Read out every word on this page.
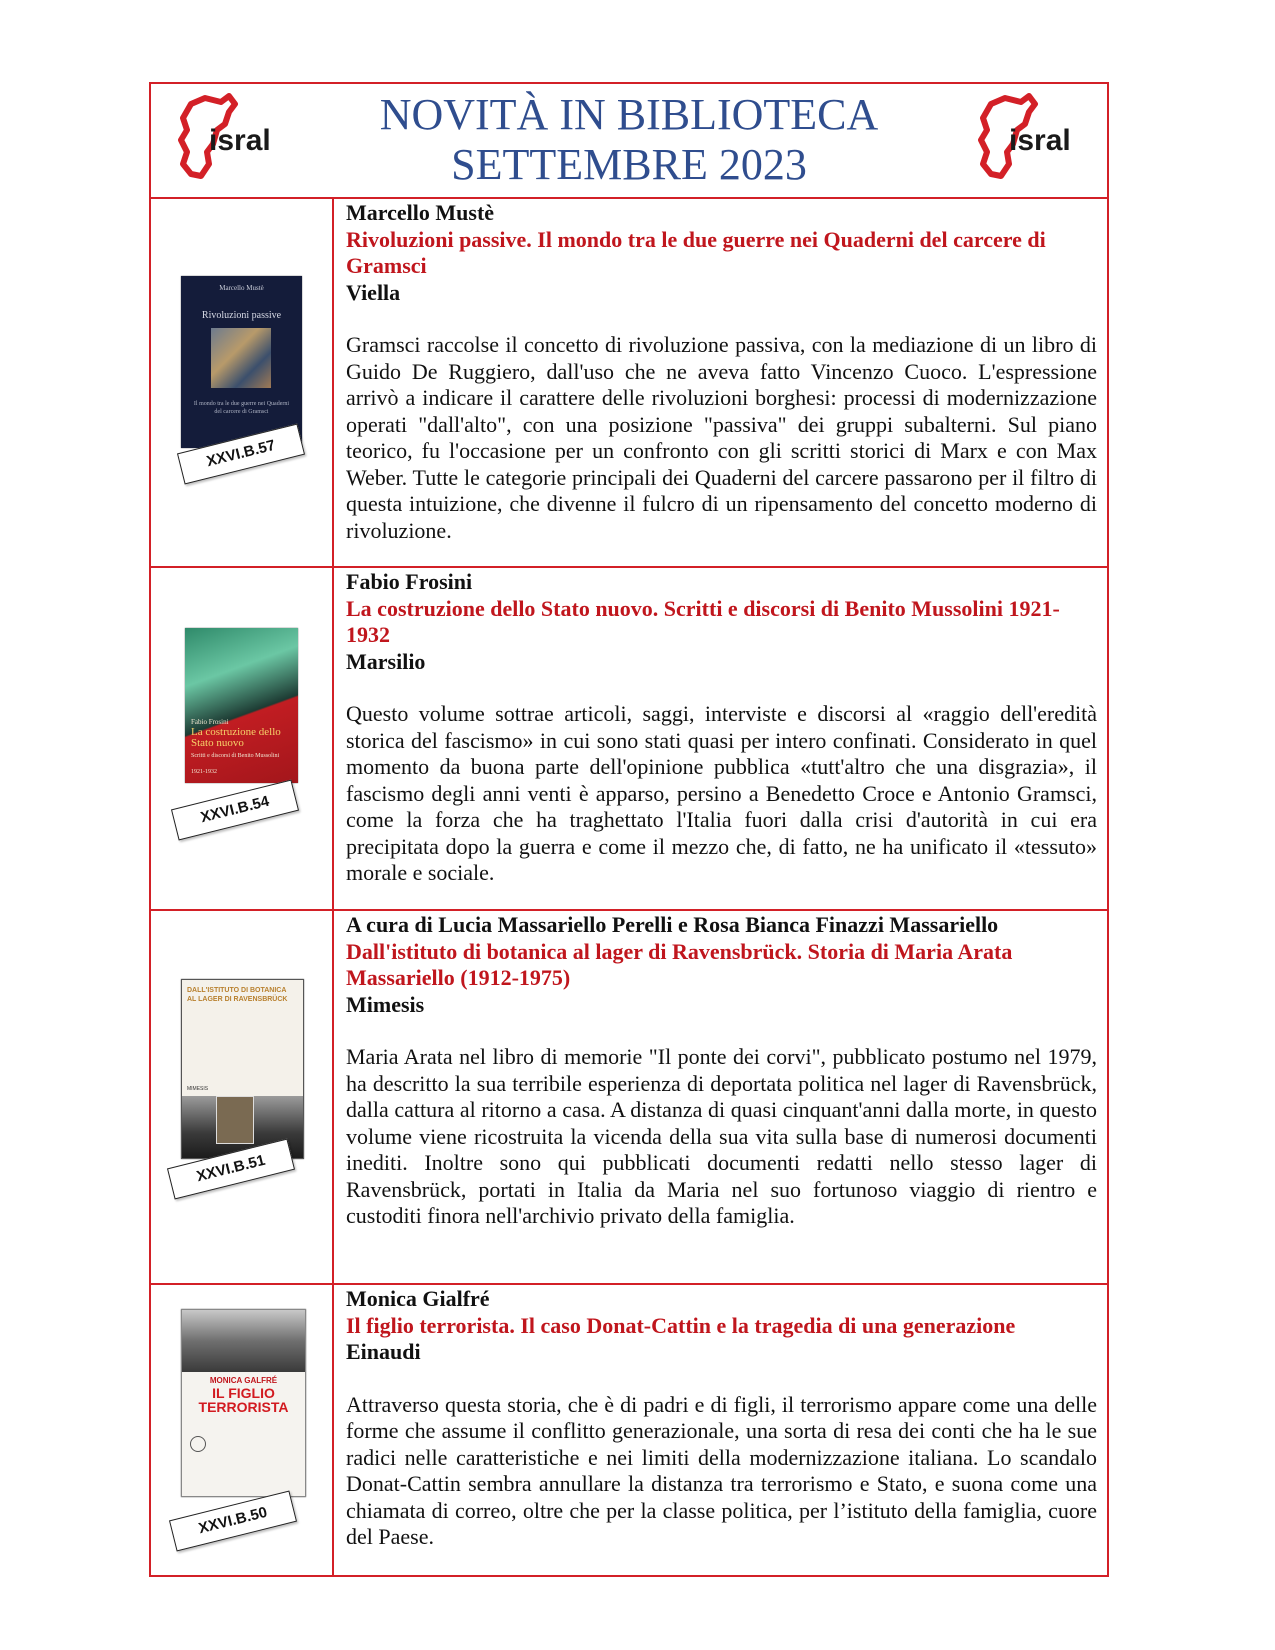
isral
NOVITÀ IN BIBLIOTECA
SETTEMBRE 2023	isral
Marcello Mustè
Rivoluzioni passive
Il mondo tra le due guerre nei Quaderni del carcere di Gramsci
XXVI.B.57
Marcello Mustè
Rivoluzioni passive. Il mondo tra le due guerre nei Quaderni del carcere di Gramsci
Viella
Gramsci raccolse il concetto di rivoluzione passiva, con la mediazione di un libro di Guido De Ruggiero, dall'uso che ne aveva fatto Vincenzo Cuoco. L'espressione arrivò a indicare il carattere delle rivoluzioni borghesi: processi di modernizzazione operati "dall'alto", con una posizione "passiva" dei gruppi subalterni. Sul piano teorico, fu l'occasione per un confronto con gli scritti storici di Marx e con Max Weber. Tutte le categorie principali dei Quaderni del carcere passarono per il filtro di questa intuizione, che divenne il fulcro di un ripensamento del concetto moderno di rivoluzione.
Fabio Frosini
La costruzione dello Stato nuovo
Scritti e discorsi di Benito Mussolini
1921-1932
XXVI.B.54
Fabio Frosini
La costruzione dello Stato nuovo. Scritti e discorsi di Benito Mussolini 1921-1932
Marsilio
Questo volume sottrae articoli, saggi, interviste e discorsi al «raggio dell'eredità storica del fascismo» in cui sono stati quasi per intero confinati. Considerato in quel momento da buona parte dell'opinione pubblica «tutt'altro che una disgrazia», il fascismo degli anni venti è apparso, persino a Benedetto Croce e Antonio Gramsci, come la forza che ha traghettato l'Italia fuori dalla crisi d'autorità in cui era precipitata dopo la guerra e come il mezzo che, di fatto, ne ha unificato il «tessuto» morale e sociale.
DALL'ISTITUTO DI BOTANICA
AL LAGER DI RAVENSBRÜCK
MIMESIS
XXVI.B.51
A cura di Lucia Massariello Perelli e Rosa Bianca Finazzi Massariello
Dall'istituto di botanica al lager di Ravensbrück. Storia di Maria Arata Massariello (1912-1975)
Mimesis
Maria Arata nel libro di memorie "Il ponte dei corvi", pubblicato postumo nel 1979, ha descritto la sua terribile esperienza di deportata politica nel lager di Ravensbrück, dalla cattura al ritorno a casa. A distanza di quasi cinquant'anni dalla morte, in questo volume viene ricostruita la vicenda della sua vita sulla base di numerosi documenti inediti. Inoltre sono qui pubblicati documenti redatti nello stesso lager di Ravensbrück, portati in Italia da Maria nel suo fortunoso viaggio di rientro e custoditi finora nell'archivio privato della famiglia.
MONICA GALFRÉ
IL FIGLIO
TERRORISTA
XXVI.B.50
Monica Gialfré
Il figlio terrorista. Il caso Donat-Cattin e la tragedia di una generazione
Einaudi
Attraverso questa storia, che è di padri e di figli, il terrorismo appare come una delle forme che assume il conflitto generazionale, una sorta di resa dei conti che ha le sue radici nelle caratteristiche e nei limiti della modernizzazione italiana. Lo scandalo Donat-Cattin sembra annullare la distanza tra terrorismo e Stato, e suona come una chiamata di correo, oltre che per la classe politica, per l’istituto della famiglia, cuore del Paese.
